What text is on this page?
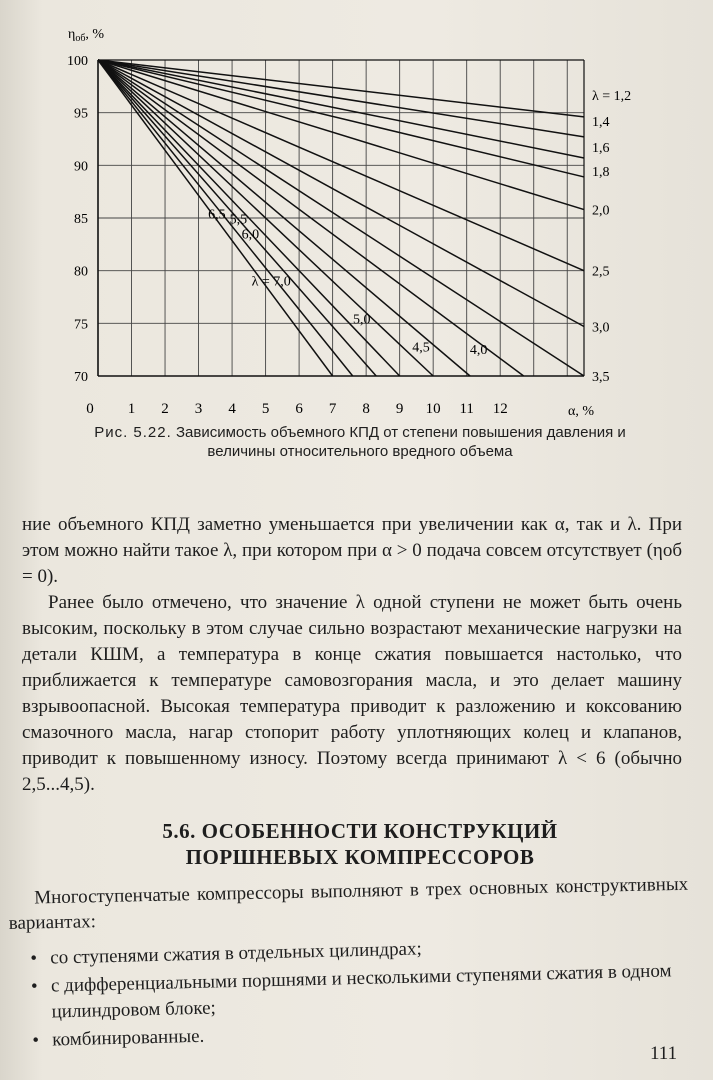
λ = 1,2
1,4
1,6
1,8
2,0
2,5
3,0
3,5
4,0
4,5
5,0
5,5
6,0
6,5
λ = 7,0
100
95
90
85
80
75
70
0 1 2 3 4 5 6 7 8 9 10 11 12
$\eta_{об}$, %
α, %
Рис. 5.22. Зависимость объемного КПД от степени повышения давления и величины относительного вредного объема

ние объемного КПД заметно уменьшается при увеличении как α, так и λ. При этом можно найти такое λ, при котором при α > 0 подача совсем отсутствует (ηоб = 0).

Ранее было отмечено, что значение λ одной ступени не может быть очень высоким, поскольку в этом случае сильно возрастают механические нагрузки на детали КШМ, а температура в конце сжатия повышается настолько, что приближается к температуре самовозгорания масла, и это делает машину взрывоопасной. Высокая температура приводит к разложению и коксованию смазочного масла, нагар стопорит работу уплотняющих колец и клапанов, приводит к повышенному износу. Поэтому всегда принимают λ < 6 (обычно 2,5...4,5).

5.6. ОСОБЕННОСТИ КОНСТРУКЦИЙ
ПОРШНЕВЫХ КОМПРЕССОРОВ

Многоступенчатые компрессоры выполняют в трех основных конструктивных вариантах:

• со ступенями сжатия в отдельных цилиндрах;
• с дифференциальными поршнями и несколькими ступенями сжатия в одном цилиндровом блоке;
• комбинированные.
111
